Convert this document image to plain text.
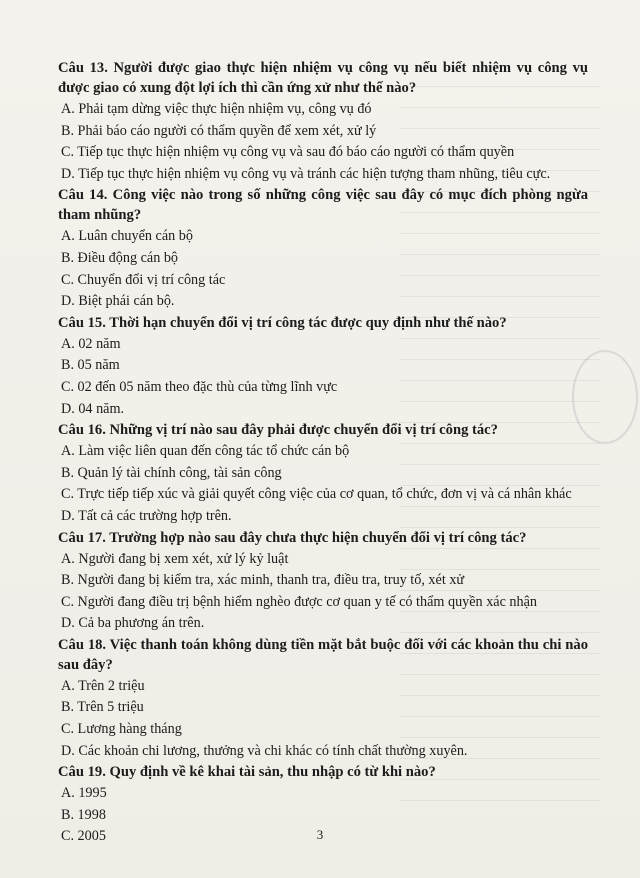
Câu 13. Người được giao thực hiện nhiệm vụ công vụ nếu biết nhiệm vụ công vụ được giao có xung đột lợi ích thì cần ứng xử như thế nào?

A. Phải tạm dừng việc thực hiện nhiệm vụ, công vụ đó

B. Phải báo cáo người có thẩm quyền để xem xét, xử lý

C. Tiếp tục thực hiện nhiệm vụ công vụ và sau đó báo cáo người có thẩm quyền

D. Tiếp tục thực hiện nhiệm vụ công vụ và tránh các hiện tượng tham nhũng, tiêu cực.

Câu 14. Công việc nào trong số những công việc sau đây có mục đích phòng ngừa tham nhũng?

A. Luân chuyển cán bộ

B. Điều động cán bộ

C. Chuyển đổi vị trí công tác

D. Biệt phái cán bộ.

Câu 15. Thời hạn chuyển đổi vị trí công tác được quy định như thế nào?

A. 02 năm

B. 05 năm

C. 02 đến 05 năm theo đặc thù của từng lĩnh vực

D. 04 năm.

Câu 16. Những vị trí nào sau đây phải được chuyển đổi vị trí công tác?

A. Làm việc liên quan đến công tác tổ chức cán bộ

B. Quản lý tài chính công, tài sản công

C. Trực tiếp tiếp xúc và giải quyết công việc của cơ quan, tổ chức, đơn vị và cá nhân khác

D. Tất cả các trường hợp trên.

Câu 17. Trường hợp nào sau đây chưa thực hiện chuyển đổi vị trí công tác?

A. Người đang bị xem xét, xử lý kỷ luật

B. Người đang bị kiểm tra, xác minh, thanh tra, điều tra, truy tố, xét xử

C. Người đang điều trị bệnh hiểm nghèo được cơ quan y tế có thẩm quyền xác nhận

D. Cả ba phương án trên.

Câu 18. Việc thanh toán không dùng tiền mặt bắt buộc đối với các khoản thu chi nào sau đây?

A. Trên 2 triệu

B. Trên 5 triệu

C. Lương hàng tháng

D. Các khoản chi lương, thưởng và chi khác có tính chất thường xuyên.

Câu 19. Quy định về kê khai tài sản, thu nhập có từ khi nào?

A. 1995

B. 1998

C. 2005	3
